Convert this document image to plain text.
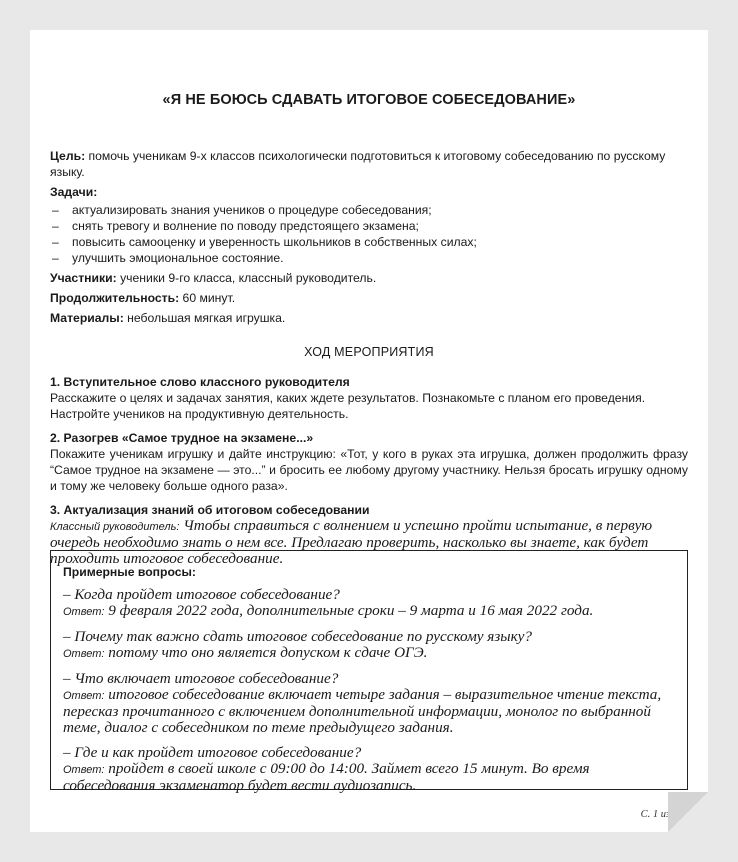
«Я НЕ БОЮСЬ СДАВАТЬ ИТОГОВОЕ СОБЕСЕДОВАНИЕ»
Цель: помочь ученикам 9-х классов психологически подготовиться к итоговому собеседованию по русскому языку.
Задачи:
– актуализировать знания учеников о процедуре собеседования;
– снять тревогу и волнение по поводу предстоящего экзамена;
– повысить самооценку и уверенность школьников в собственных силах;
– улучшить эмоциональное состояние.
Участники: ученики 9-го класса, классный руководитель.
Продолжительность: 60 минут.
Материалы: небольшая мягкая игрушка.
ХОД МЕРОПРИЯТИЯ
1. Вступительное слово классного руководителя
Расскажите о целях и задачах занятия, каких ждете результатов. Познакомьте с планом его проведения. Настройте учеников на продуктивную деятельность.
2. Разогрев «Самое трудное на экзамене...»
Покажите ученикам игрушку и дайте инструкцию: «Тот, у кого в руках эта игрушка, должен продолжить фразу “Самое трудное на экзамене — это...” и бросить ее любому другому участнику. Нельзя бросать игрушку одному и тому же человеку больше одного раза».
3. Актуализация знаний об итоговом собеседовании
Классный руководитель: Чтобы справиться с волнением и успешно пройти испытание, в первую очередь необходимо знать о нем все. Предлагаю проверить, насколько вы знаете, как будет проходить итоговое собеседование.
Примерные вопросы:
– Когда пройдет итоговое собеседование?
Ответ: 9 февраля 2022 года, дополнительные сроки – 9 марта и 16 мая 2022 года.
– Почему так важно сдать итоговое собеседование по русскому языку?
Ответ: потому что оно является допуском к сдаче ОГЭ.
– Что включает итоговое собеседование?
Ответ: итоговое собеседование включает четыре задания – выразительное чтение текста, пересказ прочитанного с включением дополнительной информации, монолог по выбранной теме, диалог с собеседником по теме предыдущего задания.
– Где и как пройдет итоговое собеседование?
Ответ: пройдет в своей школе с 09:00 до 14:00. Займет всего 15 минут. Во время собеседования экзаменатор будет вести аудиозапись.
С. 1 из 3
